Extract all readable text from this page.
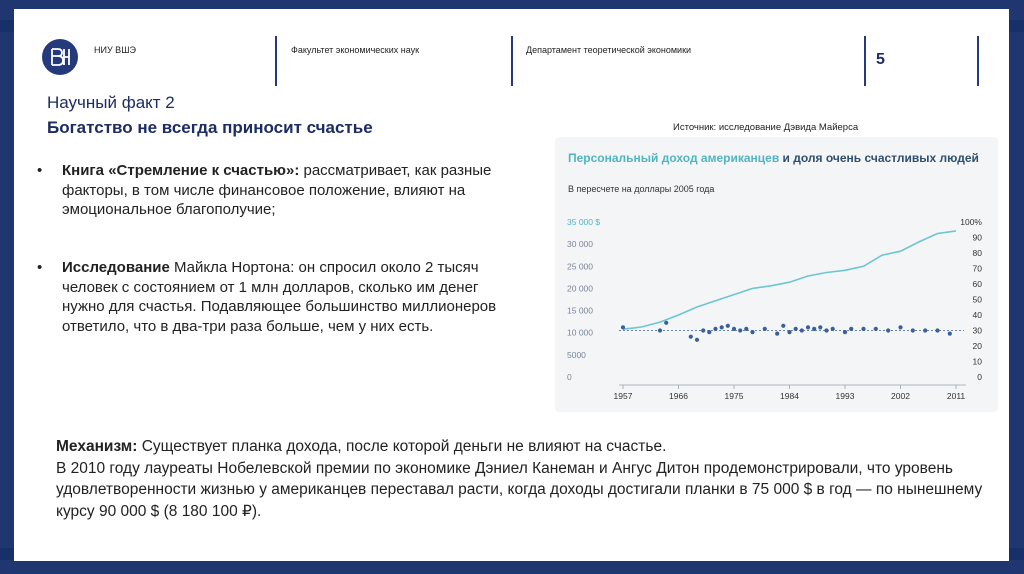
НИУ ВШЭ	Факультет экономических наук	Департамент теоретической экономики
5
Научный факт 2
Богатство не всегда приносит счастье
• Книга «Стремление к счастью»: рассматривает, как разные факторы, в том числе финансовое положение, влияют на эмоциональное благополучие;
• Исследование Майкла Нортона: он спросил около 2 тысяч человек с состоянием от 1 млн долларов, сколько им денег нужно для счастья. Подавляющее большинство миллионеров ответило, что в два-три раза больше, чем у них есть.
Источник: исследование Дэвида Майерса
Персональный доход американцев и доля очень счастливых людей
В пересчете на доллары 2005 года
35 000 $
30 000
25 000
20 000
15 000
10 000
5000
0
100%
90
80
70
60
50
40
30
20
10
0
1957	1966	1975	1984	1993	2002	2011
Механизм: Существует планка дохода, после которой деньги не влияют на счастье.
В 2010 году лауреаты Нобелевской премии по экономике Дэниел Канеман и Ангус Дитон продемонстрировали, что уровень удовлетворенности жизнью у американцев переставал расти, когда доходы достигали планки в 75 000 $ в год — по нынешнему курсу 90 000 $ (8 180 100 ₽).
